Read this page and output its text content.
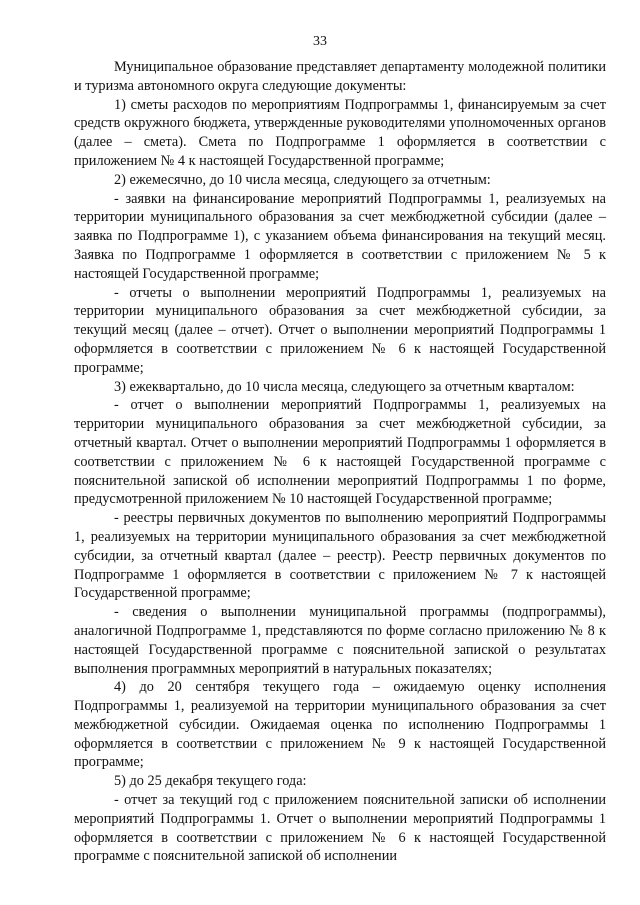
33

Муниципальное образование представляет департаменту молодежной политики и туризма автономного округа следующие документы:

1) сметы расходов по мероприятиям Подпрограммы 1, финансируемым за счет средств окружного бюджета, утвержденные руководителями уполномоченных органов (далее – смета). Смета по Подпрограмме 1 оформляется в соответствии с приложением № 4 к настоящей Государственной программе;

2) ежемесячно, до 10 числа месяца, следующего за отчетным:

- заявки на финансирование мероприятий Подпрограммы 1, реализуемых на территории муниципального образования за счет межбюджетной субсидии (далее – заявка по Подпрограмме 1), с указанием объема финансирования на текущий месяц. Заявка по Подпрограмме 1 оформляется в соответствии с приложением № 5 к настоящей Государственной программе;

- отчеты о выполнении мероприятий Подпрограммы 1, реализуемых на территории муниципального образования за счет межбюджетной субсидии, за текущий месяц (далее – отчет). Отчет о выполнении мероприятий Подпрограммы 1 оформляется в соответствии с приложением № 6 к настоящей Государственной программе;

3) ежеквартально, до 10 числа месяца, следующего за отчетным кварталом:

- отчет о выполнении мероприятий Подпрограммы 1, реализуемых на территории муниципального образования за счет межбюджетной субсидии, за отчетный квартал. Отчет о выполнении мероприятий Подпрограммы 1 оформляется в соответствии с приложением № 6 к настоящей Государственной программе с пояснительной запиской об исполнении мероприятий Подпрограммы 1 по форме, предусмотренной приложением № 10 настоящей Государственной программе;

- реестры первичных документов по выполнению мероприятий Подпрограммы 1, реализуемых на территории муниципального образования за счет межбюджетной субсидии, за отчетный квартал (далее – реестр). Реестр первичных документов по Подпрограмме 1 оформляется в соответствии с приложением № 7 к настоящей Государственной программе;

- сведения о выполнении муниципальной программы (подпрограммы), аналогичной Подпрограмме 1, представляются по форме согласно приложению № 8 к настоящей Государственной программе с пояснительной запиской о результатах выполнения программных мероприятий в натуральных показателях;

4) до 20 сентября текущего года – ожидаемую оценку исполнения Подпрограммы 1, реализуемой на территории муниципального образования за счет межбюджетной субсидии. Ожидаемая оценка по исполнению Подпрограммы 1 оформляется в соответствии с приложением № 9 к настоящей Государственной программе;

5) до 25 декабря текущего года:

- отчет за текущий год с приложением пояснительной записки об исполнении мероприятий Подпрограммы 1. Отчет о выполнении мероприятий Подпрограммы 1 оформляется в соответствии с приложением № 6 к настоящей Государственной программе с пояснительной запиской об исполнении
